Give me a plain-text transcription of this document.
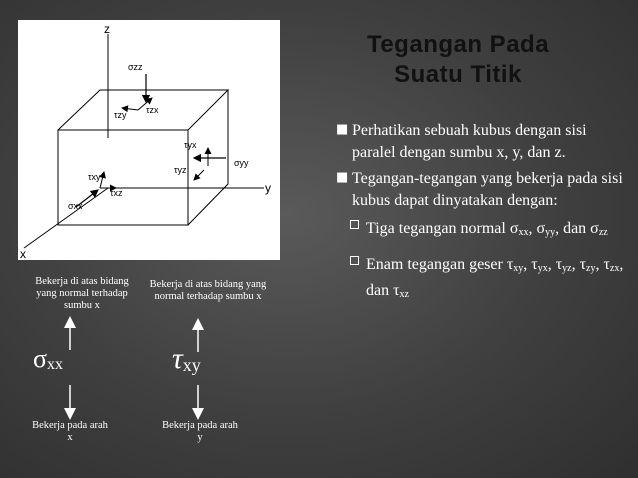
z
y
x
σzz
τzx
τzy
τyx
τyz
σyy
τxy
τxz
σxx
Tegangan Pada
Suatu Titik
■ Perhatikan sebuah kubus dengan sisi paralel dengan sumbu x, y, dan z.
■ Tegangan-tegangan yang bekerja pada sisi kubus dapat dinyatakan dengan:
Tiga tegangan normal $\sigma_{xx}$, $\sigma_{yy}$, dan $\sigma_{zz}$
Enam tegangan geser $\tau_{xy}$, $\tau_{yx}$, $\tau_{yz}$, $\tau_{zy}$, $\tau_{zx}$, dan $\tau_{xz}$
Bekerja di atas bidang yang normal terhadap sumbu x
Bekerja di atas bidang yang normal terhadap sumbu x
Bekerja pada arah x
Bekerja pada arah y
σxx	τxy
